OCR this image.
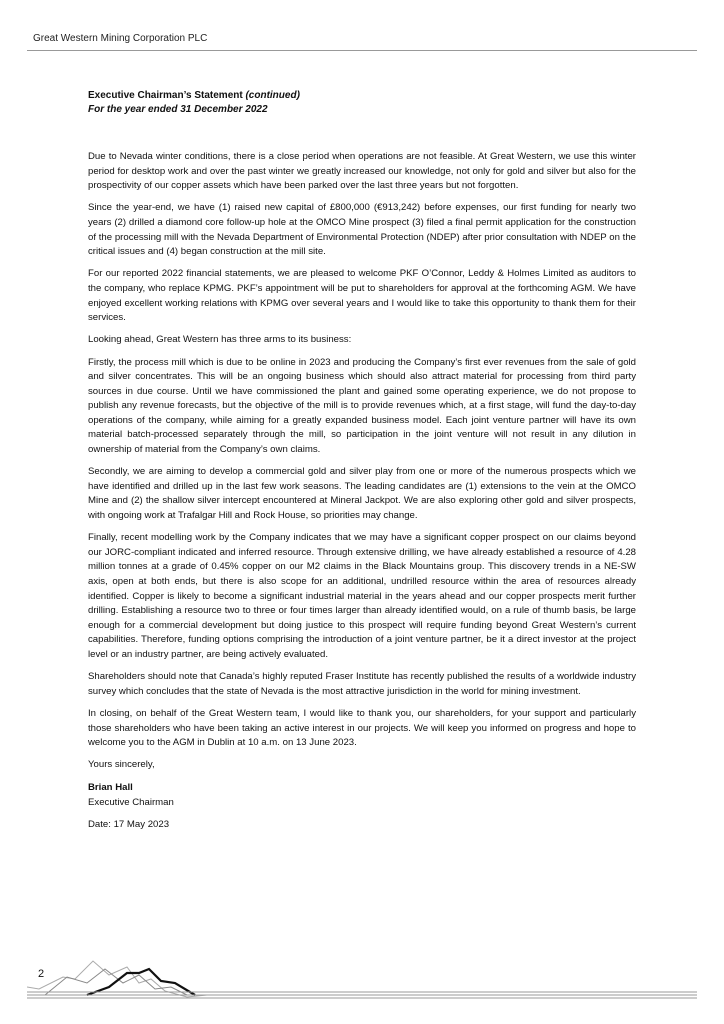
Great Western Mining Corporation PLC
Executive Chairman’s Statement (continued)
For the year ended 31 December 2022

Due to Nevada winter conditions, there is a close period when operations are not feasible. At Great Western, we use this winter period for desktop work and over the past winter we greatly increased our knowledge, not only for gold and silver but also for the prospectivity of our copper assets which have been parked over the last three years but not forgotten.

Since the year-end, we have (1) raised new capital of £800,000 (€913,242) before expenses, our first funding for nearly two years (2) drilled a diamond core follow-up hole at the OMCO Mine prospect (3) filed a final permit application for the construction of the processing mill with the Nevada Department of Environmental Protection (NDEP) after prior consultation with NDEP on the critical issues and (4) began construction at the mill site.

For our reported 2022 financial statements, we are pleased to welcome PKF O’Connor, Leddy & Holmes Limited as auditors to the company, who replace KPMG. PKF’s appointment will be put to shareholders for approval at the forthcoming AGM. We have enjoyed excellent working relations with KPMG over several years and I would like to take this opportunity to thank them for their services.

Looking ahead, Great Western has three arms to its business:

Firstly, the process mill which is due to be online in 2023 and producing the Company’s first ever revenues from the sale of gold and silver concentrates. This will be an ongoing business which should also attract material for processing from third party sources in due course. Until we have commissioned the plant and gained some operating experience, we do not propose to publish any revenue forecasts, but the objective of the mill is to provide revenues which, at a first stage, will fund the day-to-day operations of the company, while aiming for a greatly expanded business model. Each joint venture partner will have its own material batch-processed separately through the mill, so participation in the joint venture will not result in any dilution in ownership of material from the Company’s own claims.

Secondly, we are aiming to develop a commercial gold and silver play from one or more of the numerous prospects which we have identified and drilled up in the last few work seasons. The leading candidates are (1) extensions to the vein at the OMCO Mine and (2) the shallow silver intercept encountered at Mineral Jackpot. We are also exploring other gold and silver prospects, with ongoing work at Trafalgar Hill and Rock House, so priorities may change.

Finally, recent modelling work by the Company indicates that we may have a significant copper prospect on our claims beyond our JORC-compliant indicated and inferred resource. Through extensive drilling, we have already established a resource of 4.28 million tonnes at a grade of 0.45% copper on our M2 claims in the Black Mountains group. This discovery trends in a NE-SW axis, open at both ends, but there is also scope for an additional, undrilled resource within the area of resources already identified. Copper is likely to become a significant industrial material in the years ahead and our copper prospects merit further drilling. Establishing a resource two to three or four times larger than already identified would, on a rule of thumb basis, be large enough for a commercial development but doing justice to this prospect will require funding beyond Great Western’s current capabilities. Therefore, funding options comprising the introduction of a joint venture partner, be it a direct investor at the project level or an industry partner, are being actively evaluated.

Shareholders should note that Canada’s highly reputed Fraser Institute has recently published the results of a worldwide industry survey which concludes that the state of Nevada is the most attractive jurisdiction in the world for mining investment.

In closing, on behalf of the Great Western team, I would like to thank you, our shareholders, for your support and particularly those shareholders who have been taking an active interest in our projects. We will keep you informed on progress and hope to welcome you to the AGM in Dublin at 10 a.m. on 13 June 2023.

Yours sincerely,

Brian Hall
Executive Chairman
Date: 17 May 2023
2
